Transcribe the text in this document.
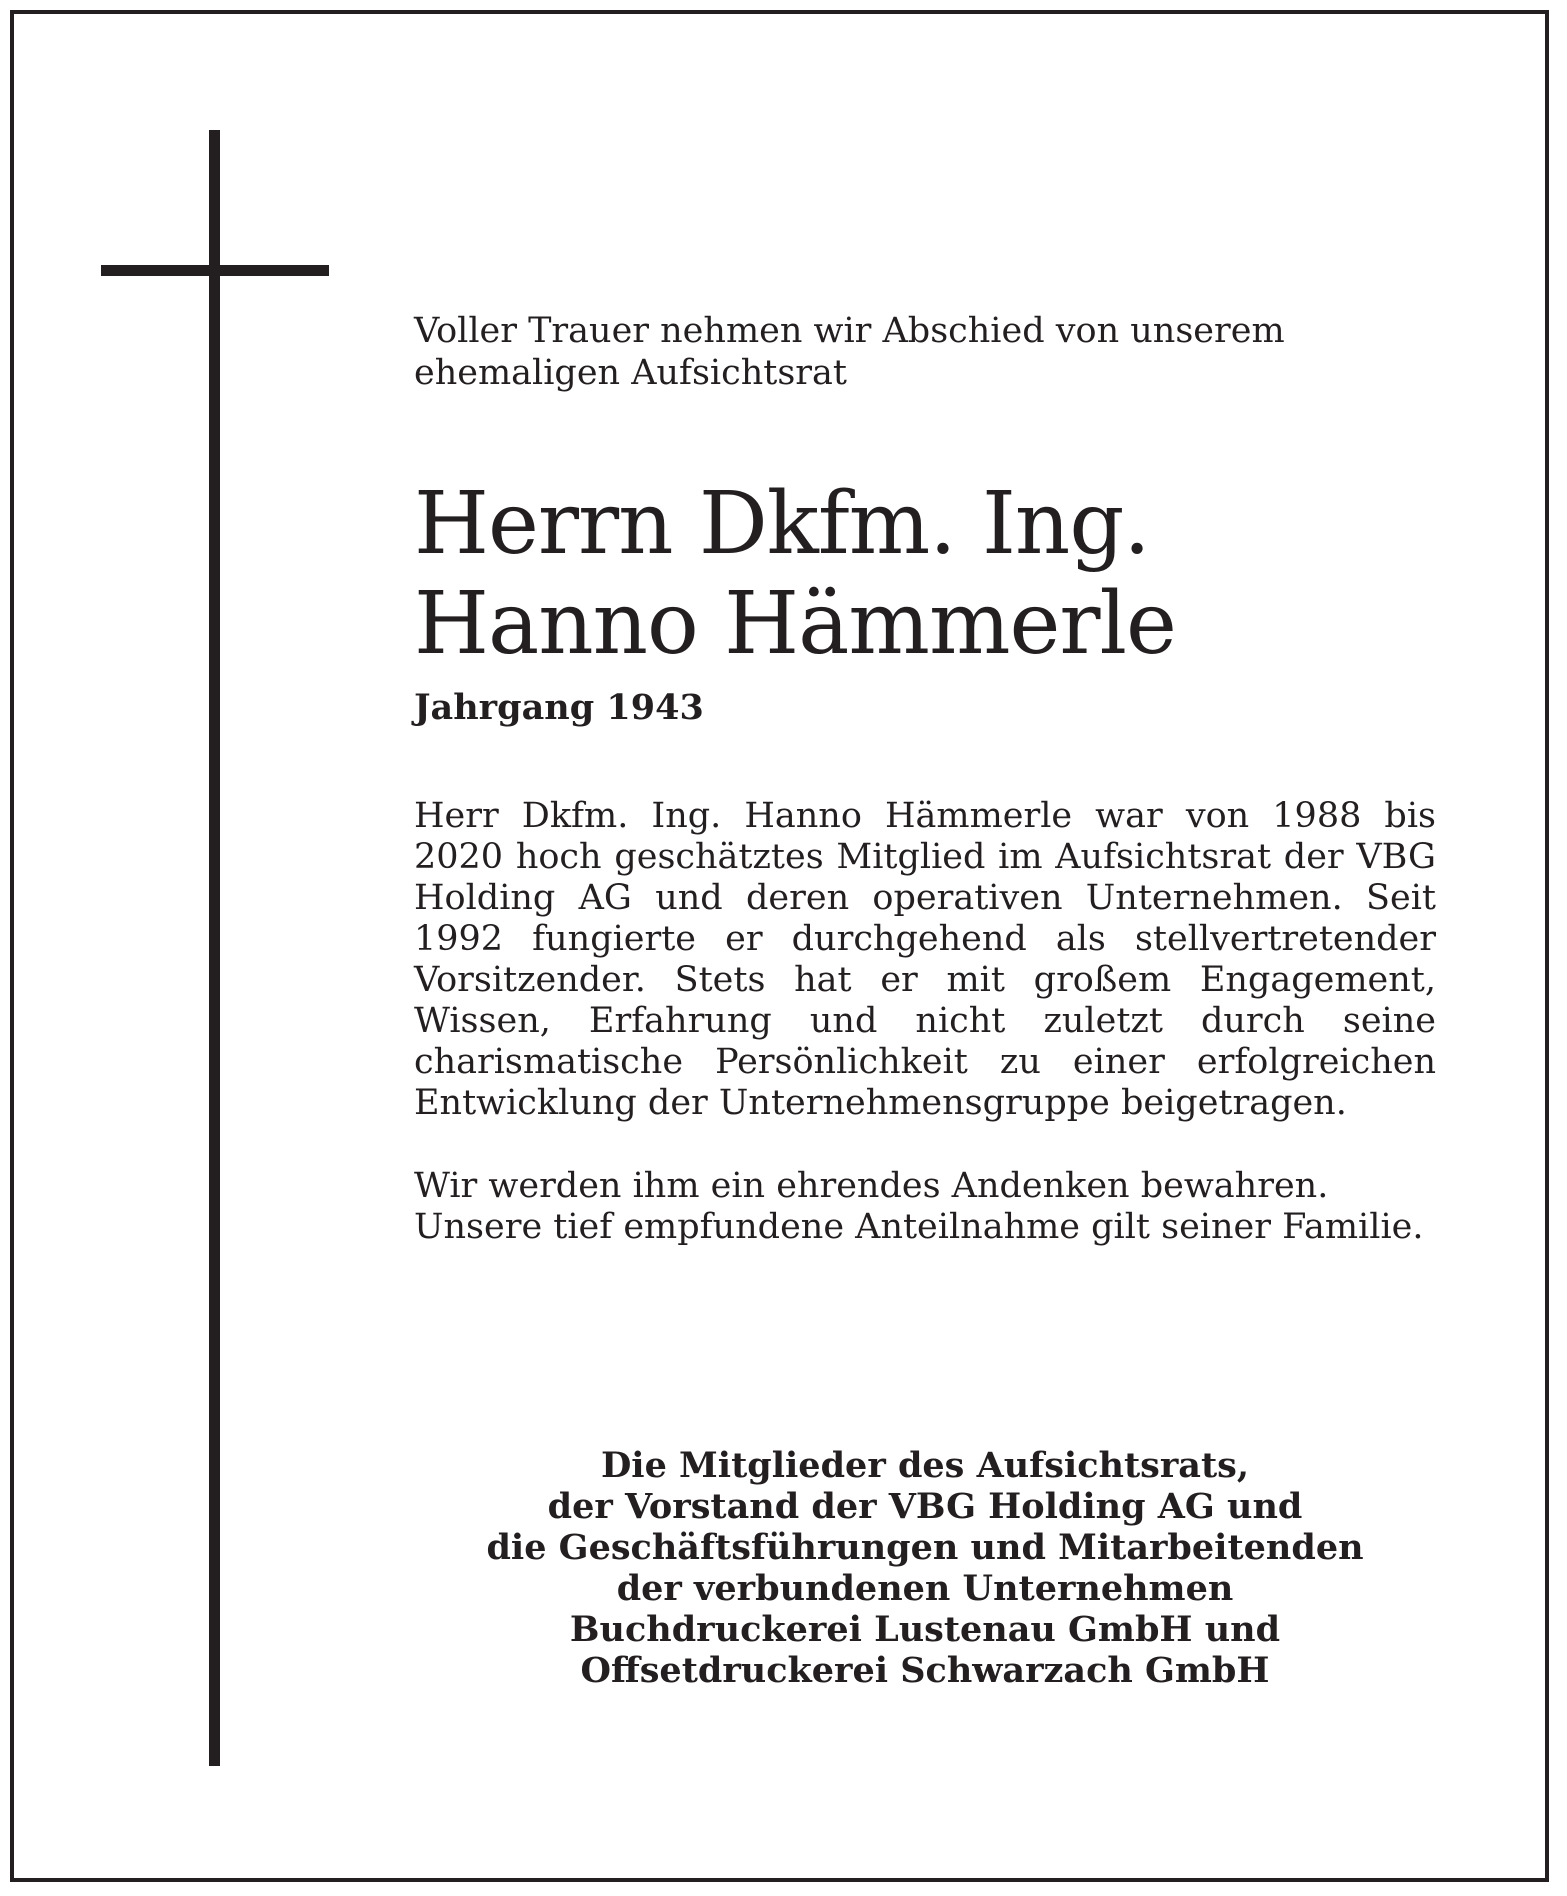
Voller Trauer nehmen wir Abschied von unserem ehemaligen Aufsichtsrat

Herrn Dkfm. Ing.
Hanno Hämmerle

Jahrgang 1943

Herr Dkfm. Ing. Hanno Hämmerle war von 1988 bis 2020 hoch geschätztes Mitglied im Aufsichtsrat der VBG Holding AG und deren operativen Unternehmen. Seit 1992 fungierte er durchgehend als stellvertretender Vorsitzender. Stets hat er mit großem Engagement, Wissen, Erfahrung und nicht zuletzt durch seine charismatische Persönlichkeit zu einer erfolgreichen Entwicklung der Unternehmensgruppe beigetragen.

Wir werden ihm ein ehrendes Andenken bewahren. Unsere tief empfundene Anteilnahme gilt seiner Familie.

Die Mitglieder des Aufsichtsrats,
der Vorstand der VBG Holding AG und
die Geschäftsführungen und Mitarbeitenden
der verbundenen Unternehmen
Buchdruckerei Lustenau GmbH und
Offsetdruckerei Schwarzach GmbH
